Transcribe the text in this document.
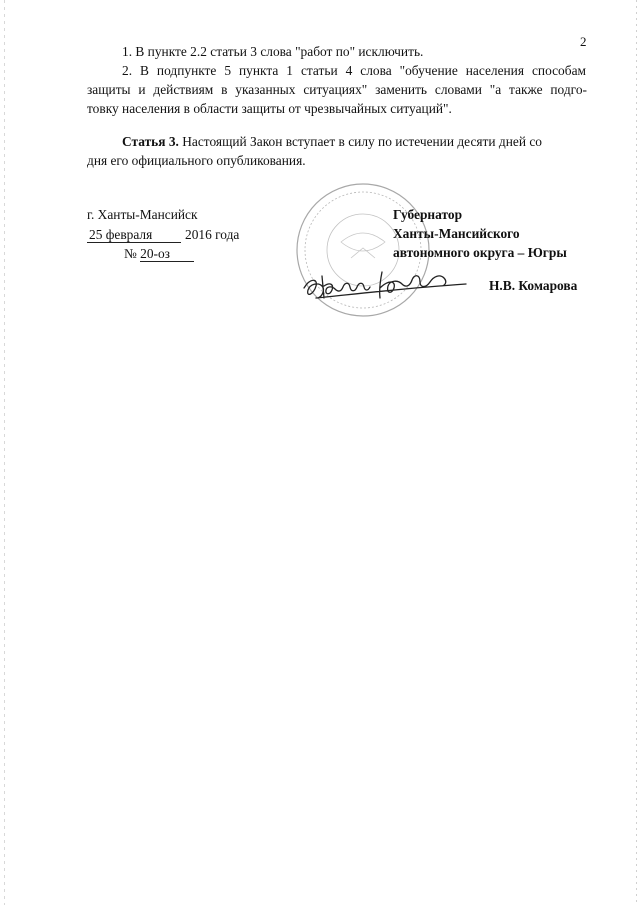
2
1. В пункте 2.2 статьи 3 слова "работ по" исключить.
2. В подпункте 5 пункта 1 статьи 4 слова "обучение населения способам
защиты и действиям в указанных ситуациях" заменить словами "а также подго-
товку населения в области защиты от чрезвычайных ситуаций".
Статья 3. Настоящий Закон вступает в силу по истечении десяти дней со
дня его официального опубликования.
г. Ханты-Мансийск
25 февраля 2016 года
№ 20-оз
Губернатор
Ханты-Мансийского
автономного округа – Югры
Н.В. Комарова
